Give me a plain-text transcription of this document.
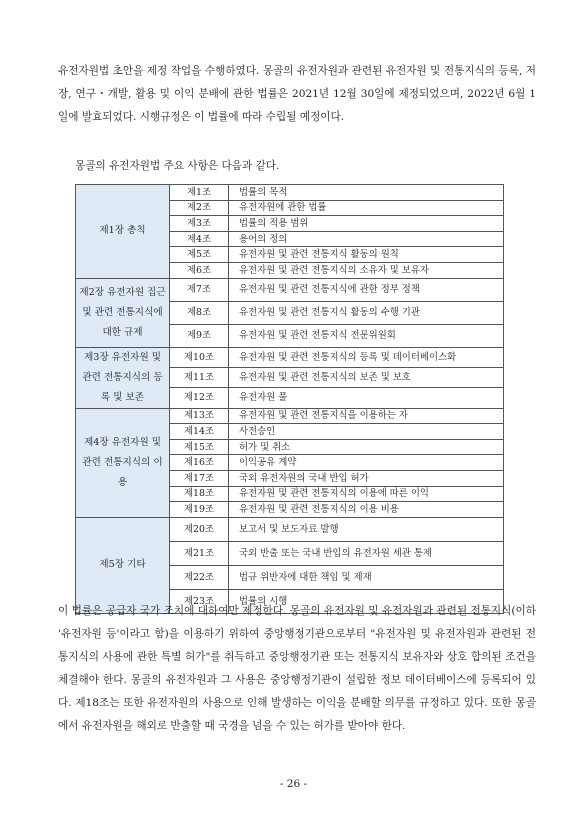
유전자원법 초안을 제정 작업을 수행하였다. 몽골의 유전자원과 관련된 유전자원 및 전통지식의 등록, 저장, 연구・개발, 활용 및 이익 분배에 관한 법률은 2021년 12월 30일에 제정되었으며, 2022년 6월 1일에 발효되었다. 시행규정은 이 법률에 따라 수립될 예정이다.

몽골의 유전자원법 주요 사항은 다음과 같다.

제1장 총칙	제1조	법률의 목적
	제2조	유전자원에 관한 법률
	제3조	법률의 적용 범위
	제4조	용어의 정의
	제5조	유전자원 및 관련 전통지식 활동의 원칙
	제6조	유전자원 및 관련 전통지식의 소유자 및 보유자
제2장 유전자원 집근 및 관련 전통지식에 대한 규제	제7조	유전자원 및 관련 전통지식에 관한 정부 정책
	제8조	유전자원 및 관련 전통지식 활동의 수행 기관
	제9조	유전자원 및 관련 전통지식 전문위원회
제3장 유전자원 및 관련 전통지식의 등록 및 보존	제10조	유전자원 및 관련 전통지식의 등록 및 데이터베이스화
	제11조	유전자원 및 관련 전통지식의 보존 및 보호
	제12조	유전자원 풀
제4장 유전자원 및 관련 전통지식의 이용	제13조	유전자원 및 관련 전통지식을 이용하는 자
	제14조	사전승인
	제15조	허가 및 취소
	제16조	이익공유 계약
	제17조	국외 유전자원의 국내 반입 허가
	제18조	유전자원 및 관련 전통지식의 이용에 따른 이익
	제19조	유전자원 및 관련 전통지식의 이용 비용
제5장 기타	제20조	보고서 및 보도자료 발행
	제21조	국외 반출 또는 국내 반입의 유전자원 세관 통제
	제22조	법규 위반자에 대한 책임 및 제재
	제23조	법률의 시행

이 법률은 공급자 국가 조치에 대하여만 제정한다. 몽골의 유전자원 및 유전자원과 관련된 전통지식(이하 '유전자원 등'이라고 함)을 이용하기 위하여 중앙행정기관으로부터 "유전자원 및 유전자원과 관련된 전통지식의 사용에 관한 특별 허가"를 취득하고 중앙행정기관 또는 전통지식 보유자와 상호 합의된 조건을 체결해야 한다. 몽골의 유전자원과 그 사용은 중앙행정기관이 설립한 정보 데이터베이스에 등록되어 있다. 제18조는 또한 유전자원의 사용으로 인해 발생하는 이익을 분배할 의무를 규정하고 있다. 또한 몽골에서 유전자원을 해외로 반출할 때 국경을 넘을 수 있는 허가를 받아야 한다.

- 26 -
